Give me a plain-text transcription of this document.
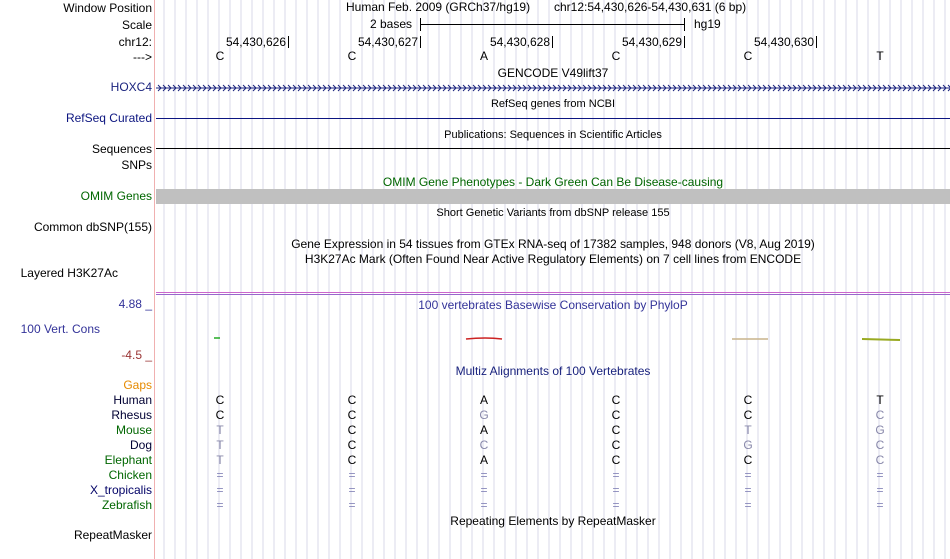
Window Position
Scale
chr12:
--->
HOXC4
RefSeq Curated
Sequences
SNPs
OMIM Genes
Common dbSNP(155)
Layered H3K27Ac
4.88 _
100 Vert. Cons
-4.5 _
Gaps
Human
Rhesus
Mouse
Dog
Elephant
Chicken
X_tropicalis
Zebrafish
RepeatMasker
Human Feb. 2009 (GRCh37/hg19) chr12:54,430,626-54,430,631 (6 bp)
2 bases	hg19
54,430,626	54,430,627	54,430,628	54,430,629	54,430,630
C	C	A	C	C	T
GENCODE V49lift37
RefSeq genes from NCBI
Publications: Sequences in Scientific Articles
OMIM Gene Phenotypes - Dark Green Can Be Disease-causing
Short Genetic Variants from dbSNP release 155
Gene Expression in 54 tissues from GTEx RNA-seq of 17382 samples, 948 donors (V8, Aug 2019)
H3K27Ac Mark (Often Found Near Active Regulatory Elements) on 7 cell lines from ENCODE
100 vertebrates Basewise Conservation by PhyloP
Multiz Alignments of 100 Vertebrates
C	C	A	C	C	T
C	C	G	C	C	C
T	C	A	C	T	G
T	C	C	C	G	C
T	C	A	C	C	C
=	=	=	=	=	=
=	=	=	=	=	=
=	=	=	=	=	=
Repeating Elements by RepeatMasker
